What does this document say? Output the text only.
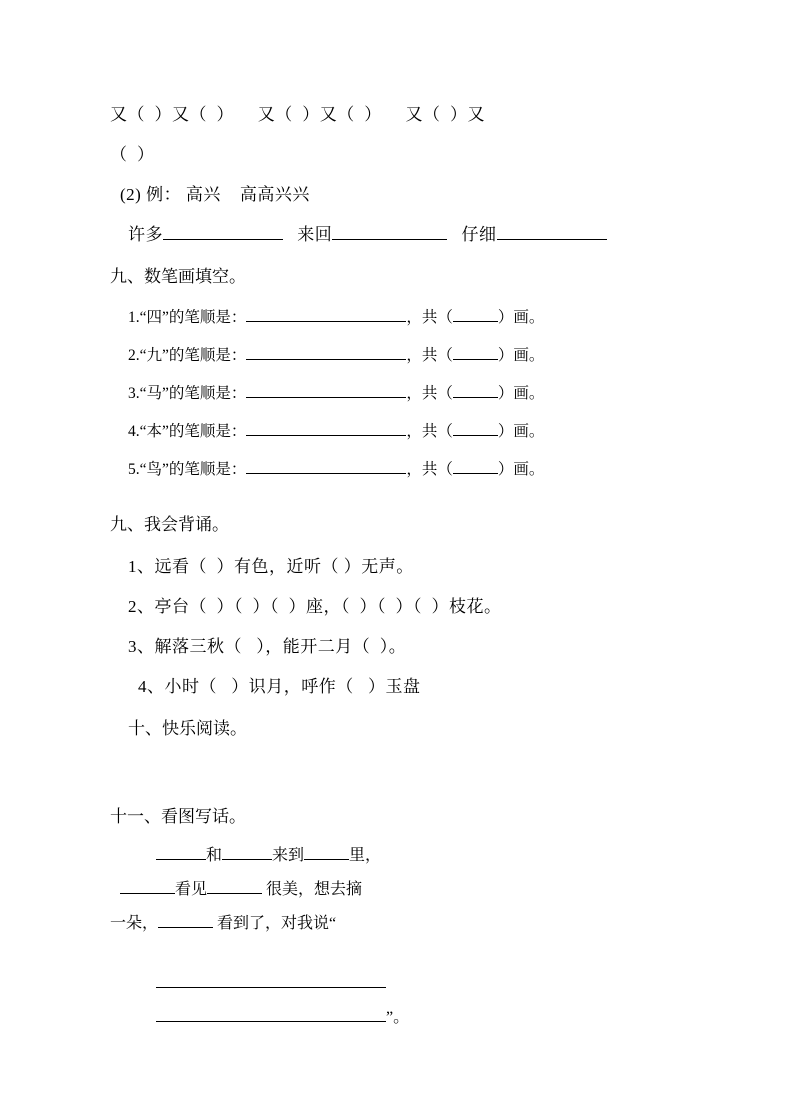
又（  ）又（  ）     又（  ）又（  ）     又（  ）又
（  ）
(2) 例： 高兴    高高兴兴
许多	来回	仔细
九、数笔画填空。
1.“四”的笔顺是：	，共（	）画。
2.“九”的笔顺是：	，共（	）画。
3.“马”的笔顺是：	，共（	）画。
4.“本”的笔顺是：	，共（	）画。
5.“鸟”的笔顺是：	，共（	）画。
九、我会背诵。
1、远看（  ）有色，近听（ ）无声。
2、亭台（  ）（  ）（  ）座，（  ）（  ）（  ）枝花。
3、解落三秋（   ），能开二月（  ）。
4、小时（   ）识月，呼作（   ）玉盘
十、快乐阅读。
十一、看图写话。
和	来到	里，
看见	很美，想去摘
一朵，	看到了，对我说“
”。
